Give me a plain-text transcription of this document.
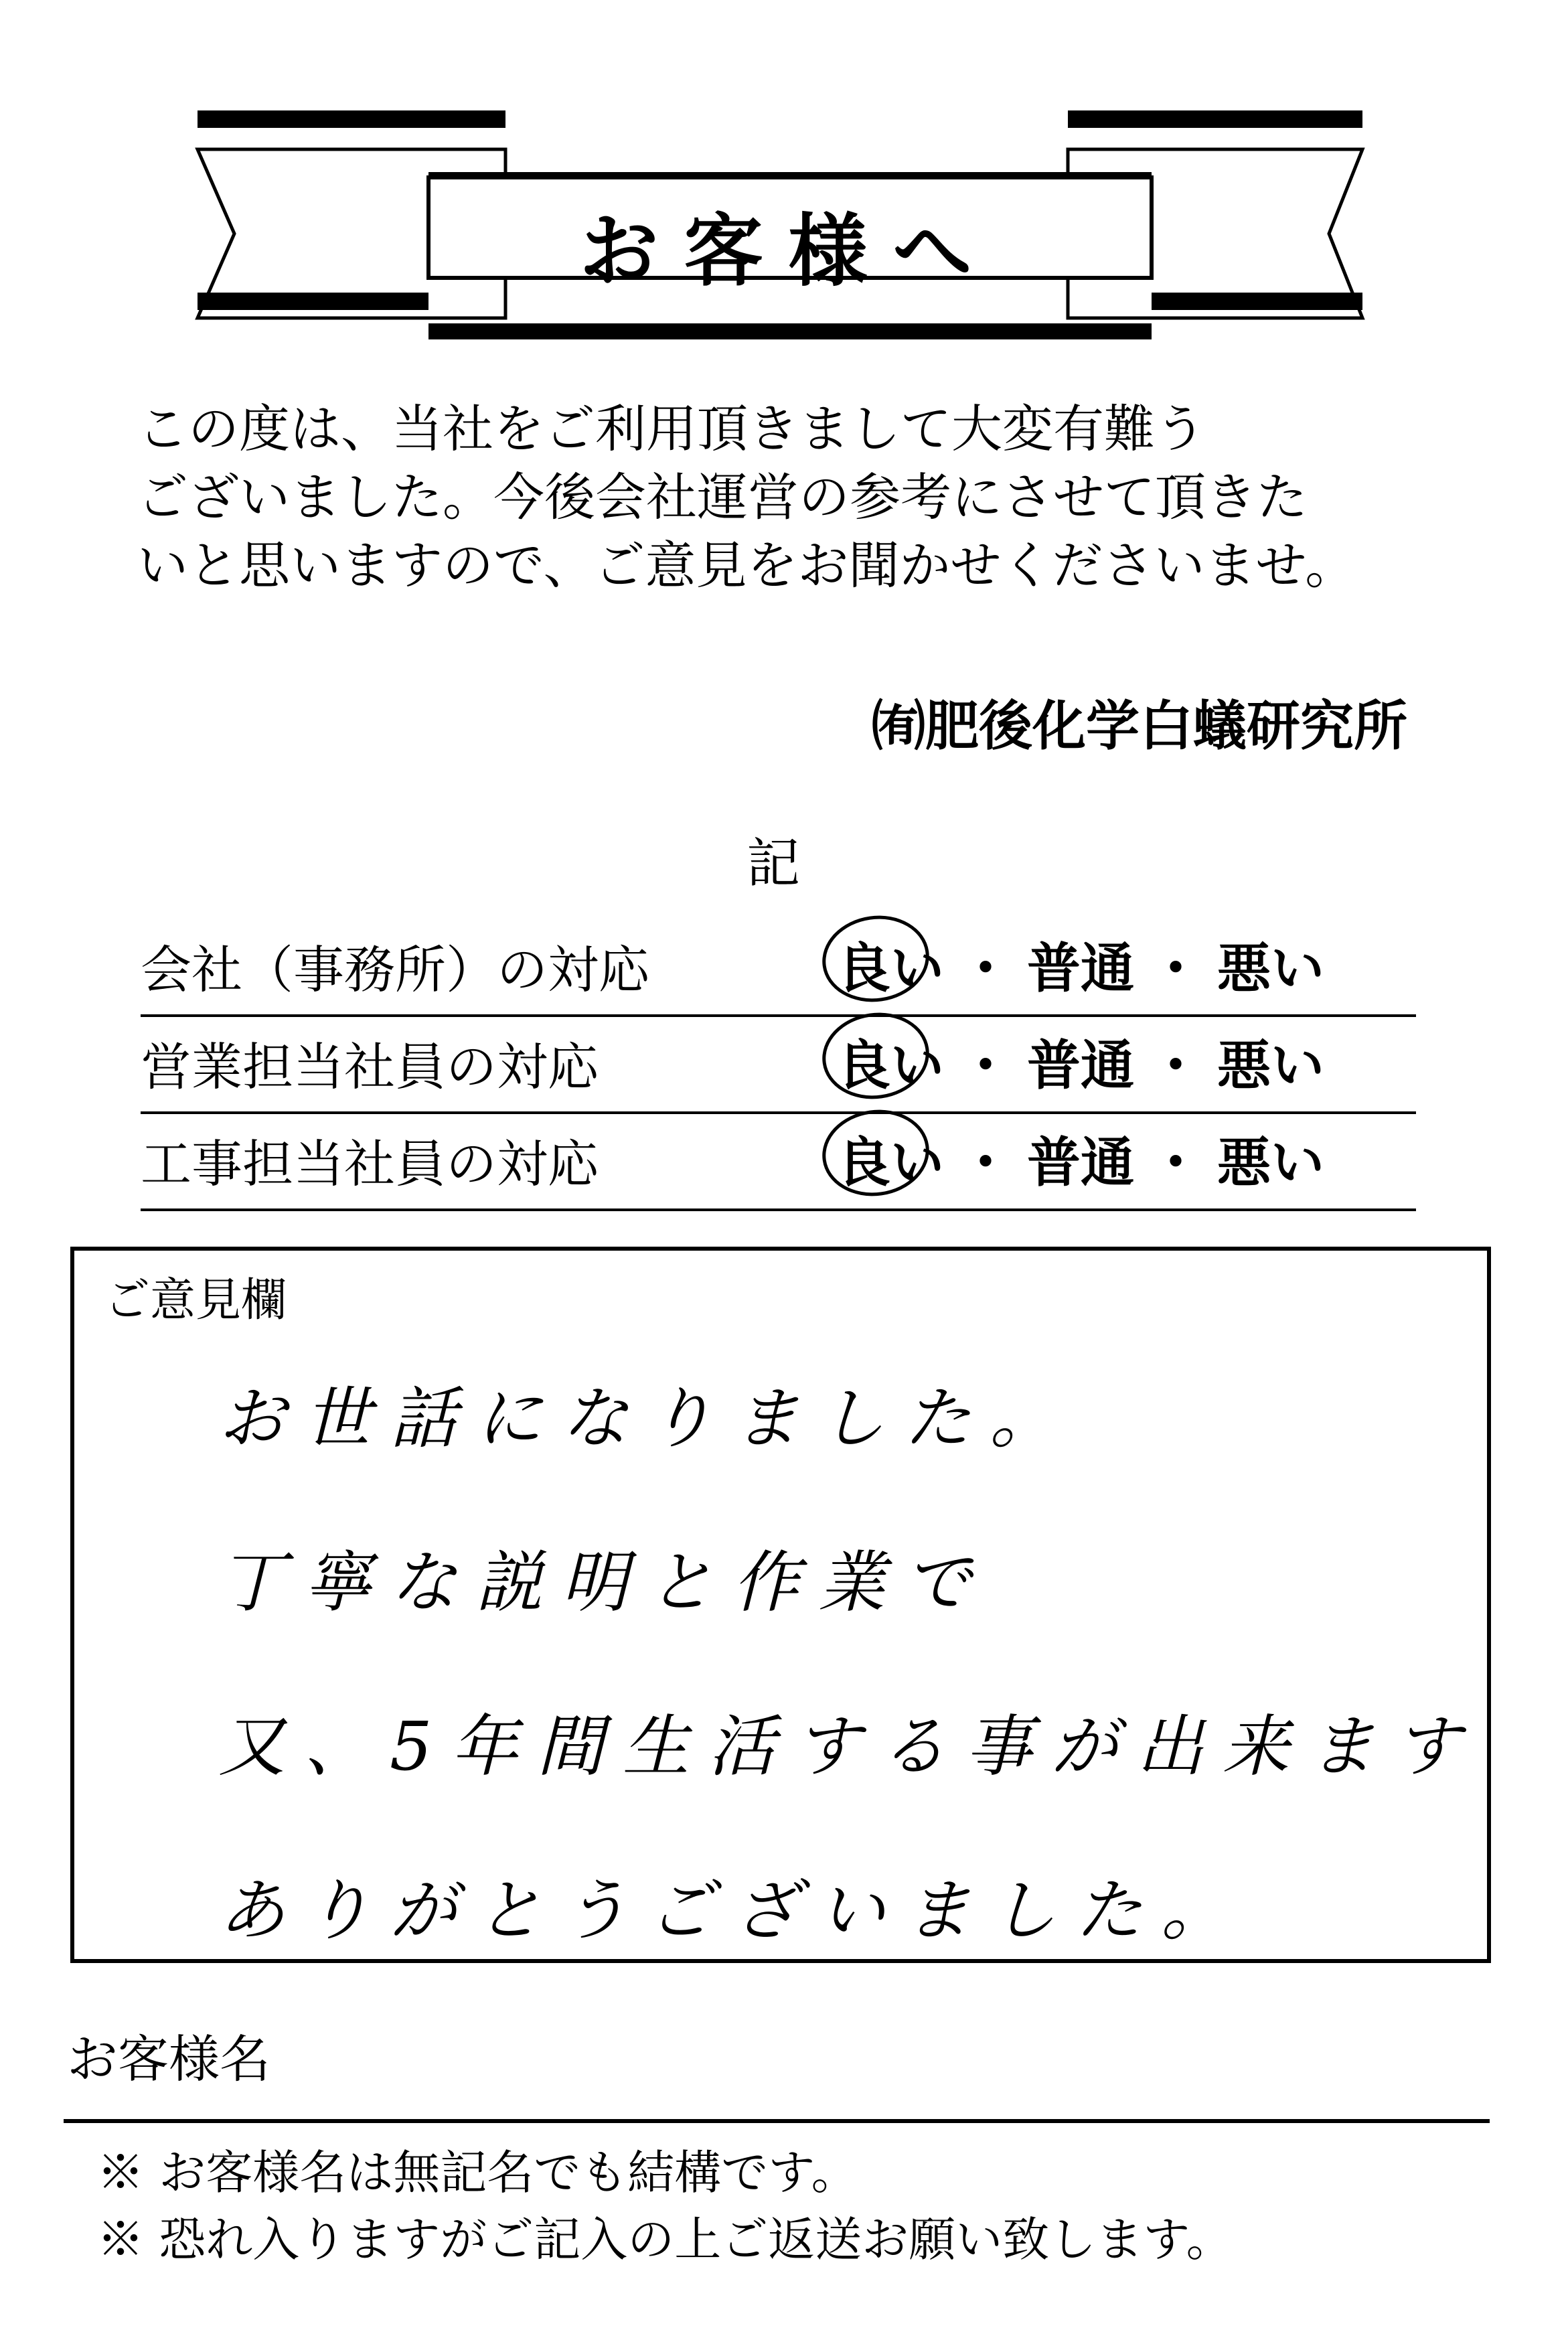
お客様へ
この度は、当社をご利用頂きまして大変有難う
ございました。今後会社運営の参考にさせて頂きた
いと思いますので、ご意見をお聞かせくださいませ。
㈲肥後化学白蟻研究所
記
会社（事務所）の対応	良い ・ 普通 ・ 悪い
営業担当社員の対応	良い ・ 普通 ・ 悪い
工事担当社員の対応	良い ・ 普通 ・ 悪い
ご意見欄
お世話になりました。
丁寧な説明と作業で
又、5年間生活する事が出来ます
ありがとうございました。
お客様名
※ お客様名は無記名でも結構です。
※ 恐れ入りますがご記入の上ご返送お願い致します。
